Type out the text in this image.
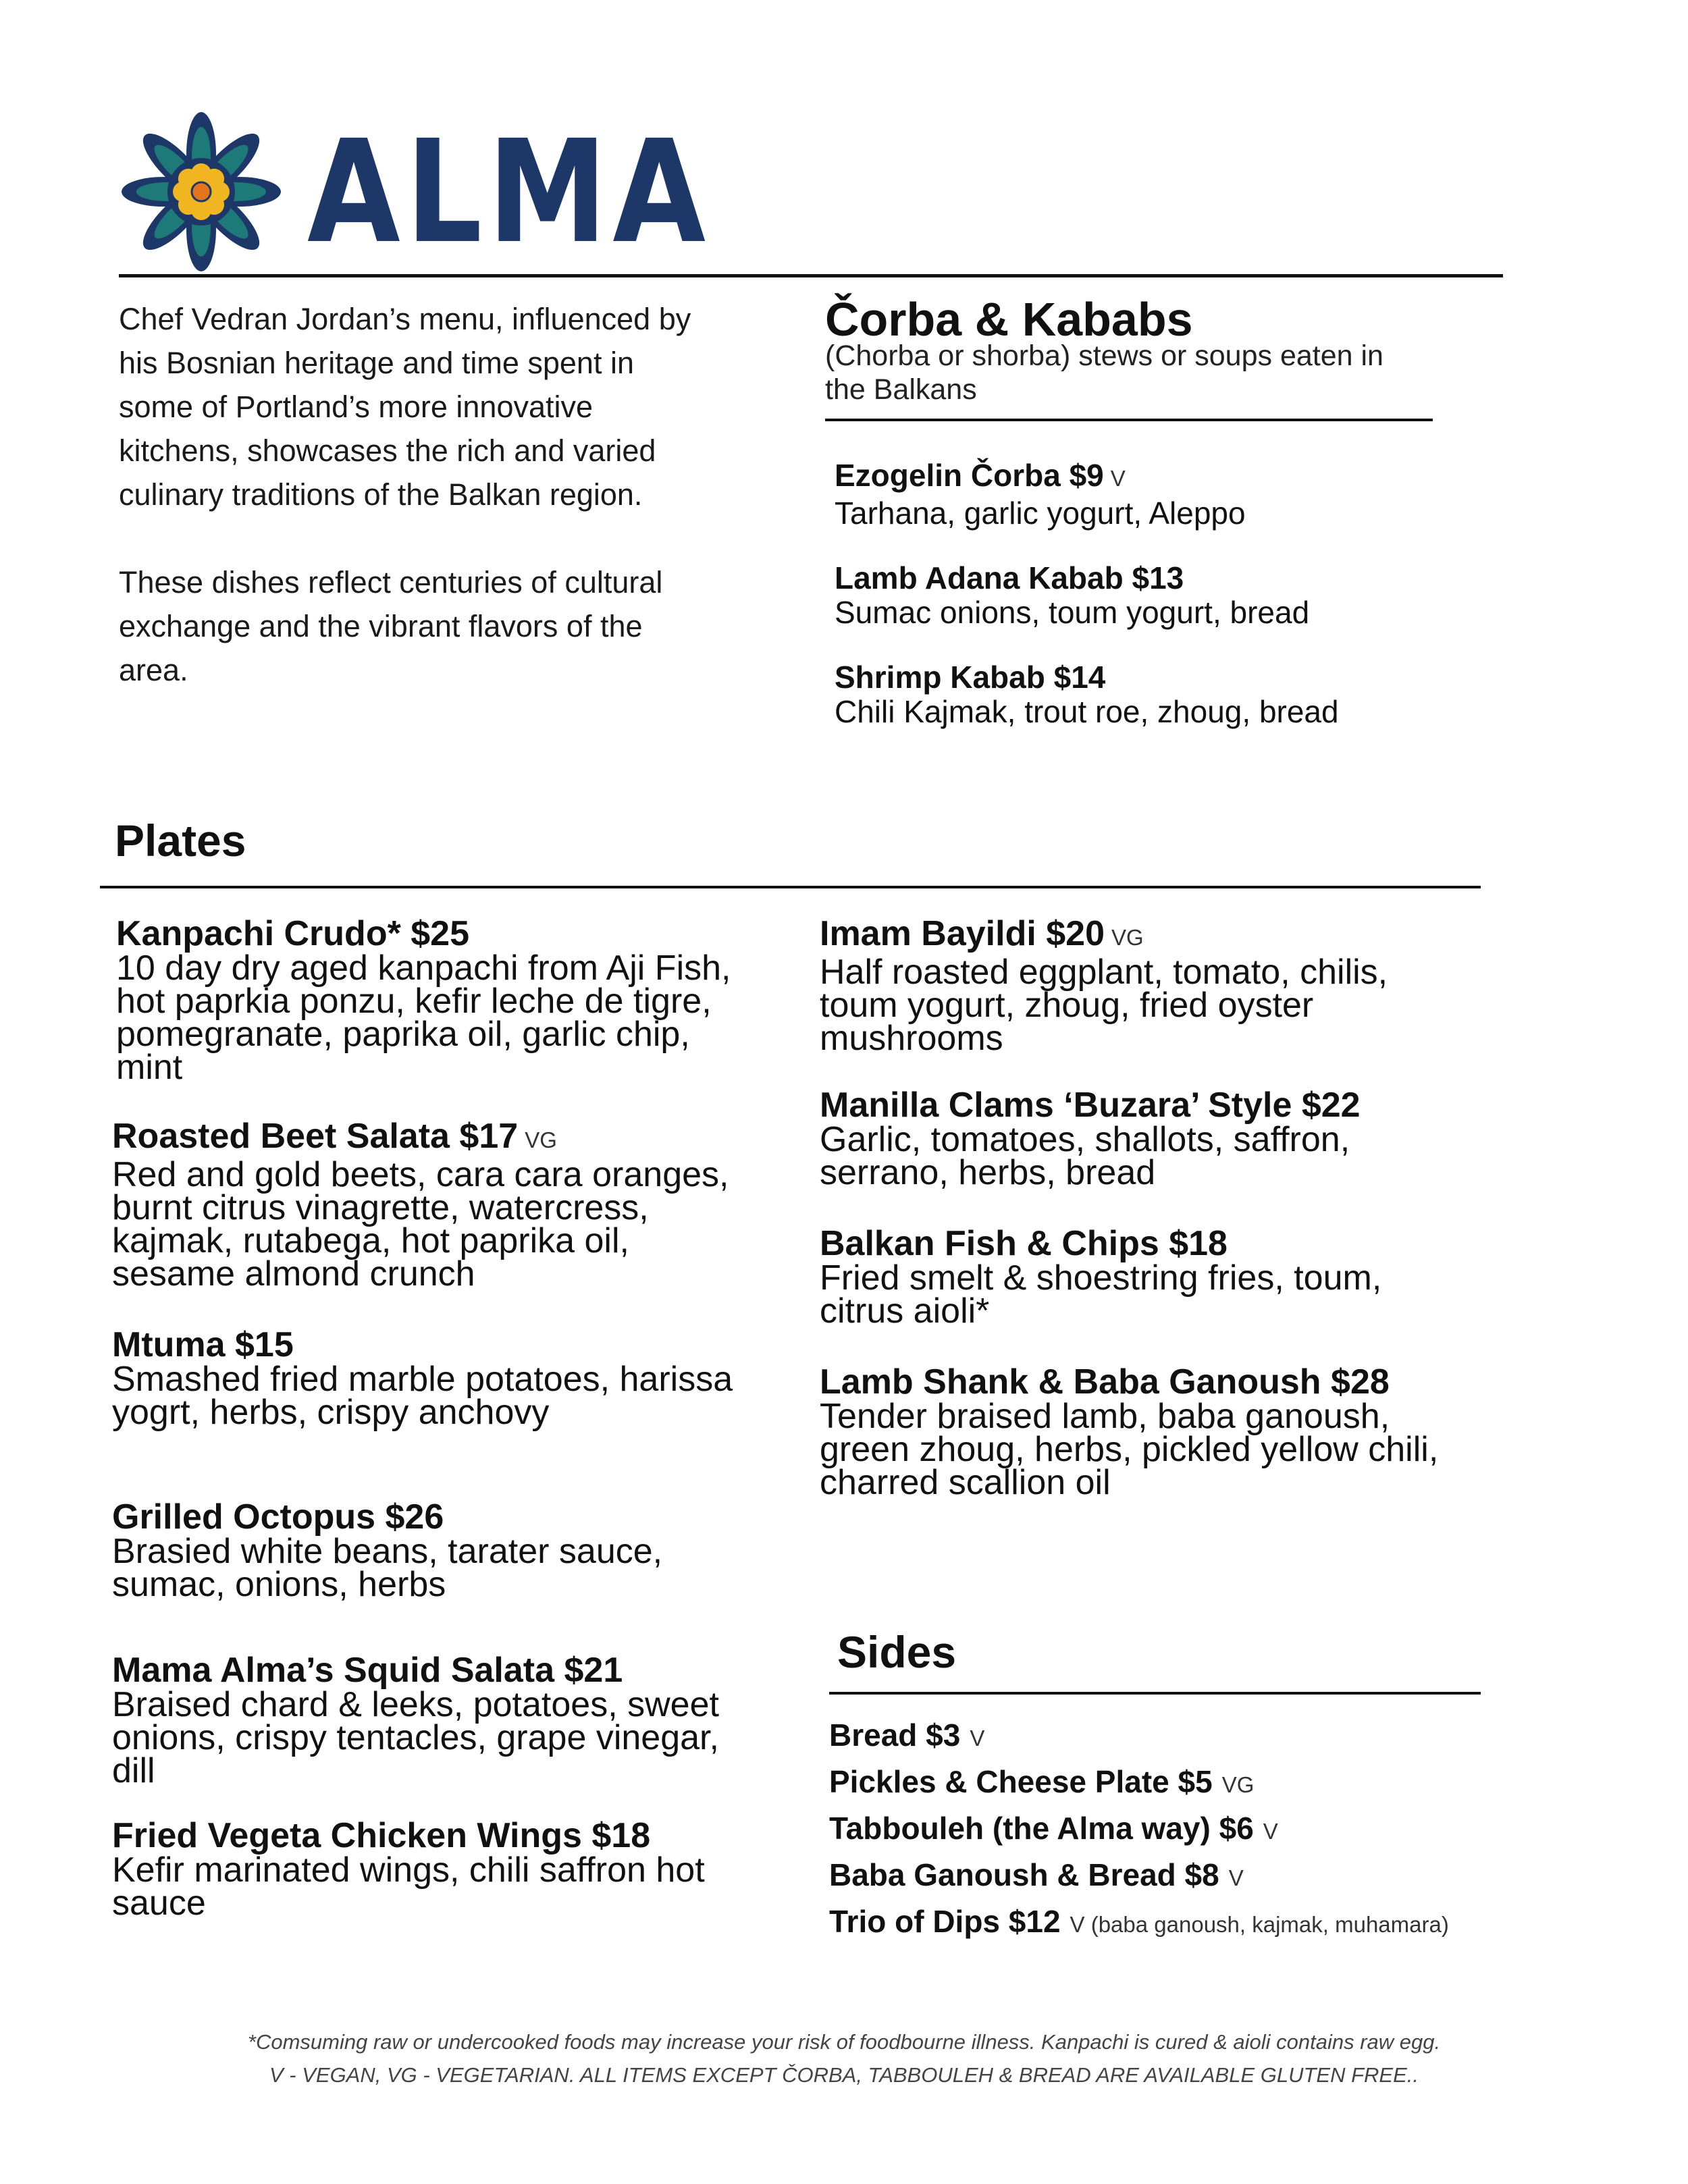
ALMA

Chef Vedran Jordan’s menu, influenced by his Bosnian heritage and time spent in some of Portland’s more innovative kitchens, showcases the rich and varied culinary traditions of the Balkan region.

These dishes reflect centuries of cultural exchange and the vibrant flavors of the area.

Čorba & Kababs
(Chorba or shorba) stews or soups eaten in the Balkans
Ezogelin Čorba $9 V
Tarhana, garlic yogurt, Aleppo
Lamb Adana Kabab $13
Sumac onions, toum yogurt, bread
Shrimp Kabab $14
Chili Kajmak, trout roe, zhoug, bread
Plates
Kanpachi Crudo* $25
10 day dry aged kanpachi from Aji Fish, hot paprkia ponzu, kefir leche de tigre, pomegranate, paprika oil, garlic chip, mint
Roasted Beet Salata $17 VG
Red and gold beets, cara cara oranges, burnt citrus vinagrette, watercress, kajmak, rutabega, hot paprika oil, sesame almond crunch
Mtuma $15
Smashed fried marble potatoes, harissa yogrt, herbs, crispy anchovy
Grilled Octopus $26
Brasied white beans, tarater sauce, sumac, onions, herbs
Mama Alma’s Squid Salata $21
Braised chard & leeks, potatoes, sweet onions, crispy tentacles, grape vinegar, dill
Fried Vegeta Chicken Wings $18
Kefir marinated wings, chili saffron hot sauce
Imam Bayildi $20 VG
Half roasted eggplant, tomato, chilis, toum yogurt, zhoug, fried oyster mushrooms
Manilla Clams ‘Buzara’ Style $22
Garlic, tomatoes, shallots, saffron, serrano, herbs, bread
Balkan Fish & Chips $18
Fried smelt & shoestring fries, toum, citrus aioli*
Lamb Shank & Baba Ganoush $28
Tender braised lamb, baba ganoush, green zhoug, herbs, pickled yellow chili, charred scallion oil
Sides
Bread $3 V
Pickles & Cheese Plate $5 VG
Tabbouleh (the Alma way) $6 V
Baba Ganoush & Bread $8 V
Trio of Dips $12 V (baba ganoush, kajmak, muhamara)
*Comsuming raw or undercooked foods may increase your risk of foodbourne illness. Kanpachi is cured & aioli contains raw egg.
V - VEGAN, VG - VEGETARIAN. ALL ITEMS EXCEPT ČORBA, TABBOULEH & BREAD ARE AVAILABLE GLUTEN FREE..
